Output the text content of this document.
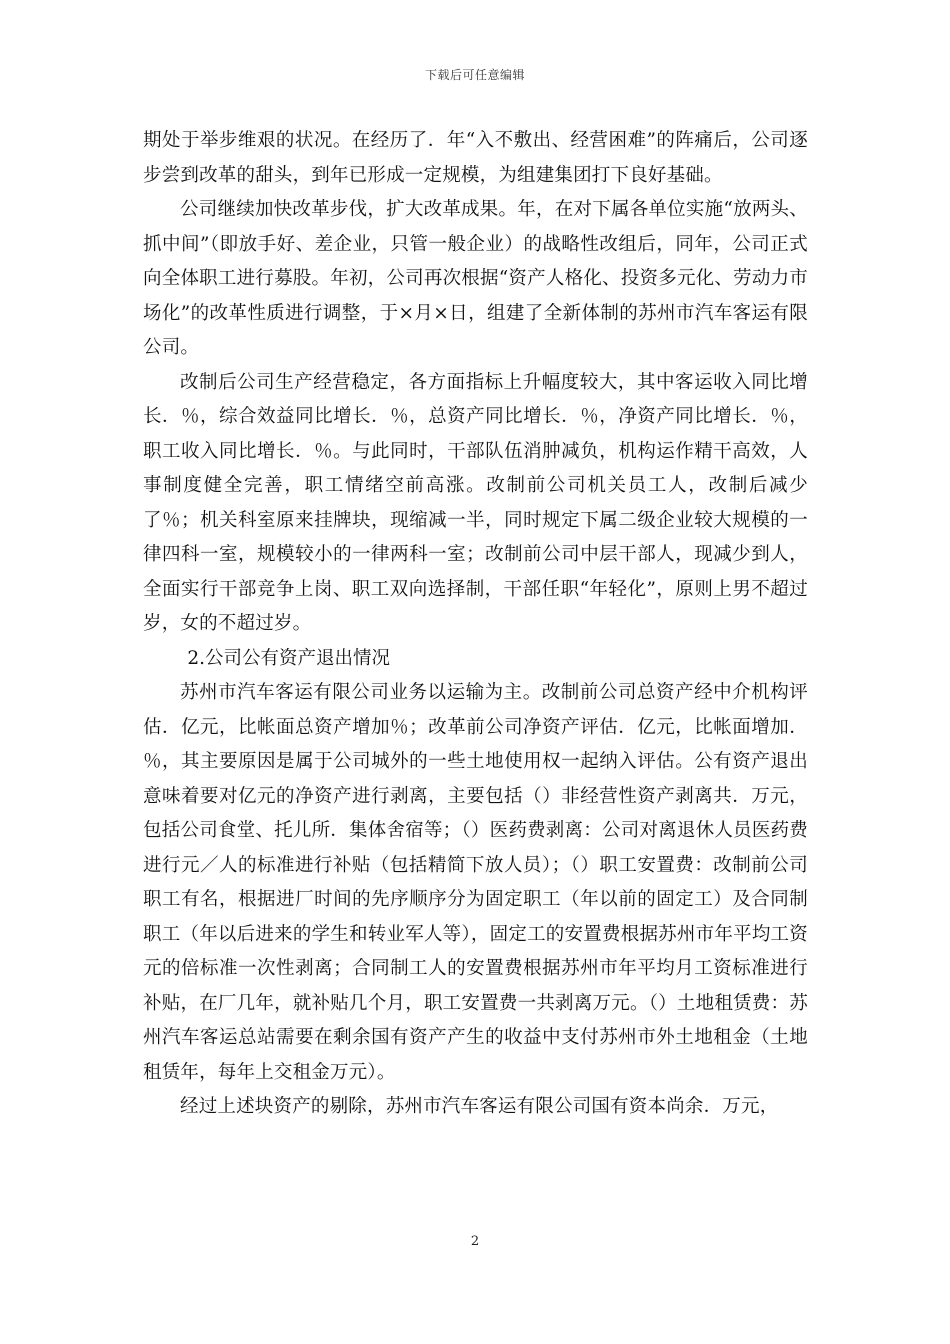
下载后可任意编辑

期处于举步维艰的状况。在经历了．年“入不敷出、经营困难”的阵痛后，公司逐步尝到改革的甜头，到年已形成一定规模，为组建集团打下良好基础。

公司继续加快改革步伐，扩大改革成果。年，在对下属各单位实施“放两头、抓中间”（即放手好、差企业，只管一般企业）的战略性改组后，同年，公司正式向全体职工进行募股。年初，公司再次根据“资产人格化、投资多元化、劳动力市场化”的改革性质进行调整，于×月×日，组建了全新体制的苏州市汽车客运有限公司。

改制后公司生产经营稳定，各方面指标上升幅度较大，其中客运收入同比增长．％，综合效益同比增长．％，总资产同比增长．％，净资产同比增长．％，职工收入同比增长．％。与此同时，干部队伍消肿减负，机构运作精干高效，人事制度健全完善，职工情绪空前高涨。改制前公司机关员工人，改制后减少了％；机关科室原来挂牌块，现缩减一半，同时规定下属二级企业较大规模的一律四科一室，规模较小的一律两科一室；改制前公司中层干部人，现减少到人，全面实行干部竞争上岗、职工双向选择制，干部任职“年轻化”，原则上男不超过岁，女的不超过岁。

2.公司公有资产退出情况

苏州市汽车客运有限公司业务以运输为主。改制前公司总资产经中介机构评估．亿元，比帐面总资产增加％；改革前公司净资产评估．亿元，比帐面增加．％，其主要原因是属于公司城外的一些土地使用权一起纳入评估。公有资产退出意味着要对亿元的净资产进行剥离，主要包括（）非经营性资产剥离共．万元，包括公司食堂、托儿所．集体舍宿等；（）医药费剥离：公司对离退休人员医药费进行元／人的标准进行补贴（包括精简下放人员）；（）职工安置费：改制前公司职工有名，根据进厂时间的先序顺序分为固定职工（年以前的固定工）及合同制职工（年以后进来的学生和转业军人等），固定工的安置费根据苏州市年平均工资元的倍标准一次性剥离；合同制工人的安置费根据苏州市年平均月工资标准进行补贴，在厂几年，就补贴几个月，职工安置费一共剥离万元。（）土地租赁费：苏州汽车客运总站需要在剩余国有资产产生的收益中支付苏州市外土地租金（土地租赁年，每年上交租金万元）。

经过上述块资产的剔除，苏州市汽车客运有限公司国有资本尚余．万元，

2
